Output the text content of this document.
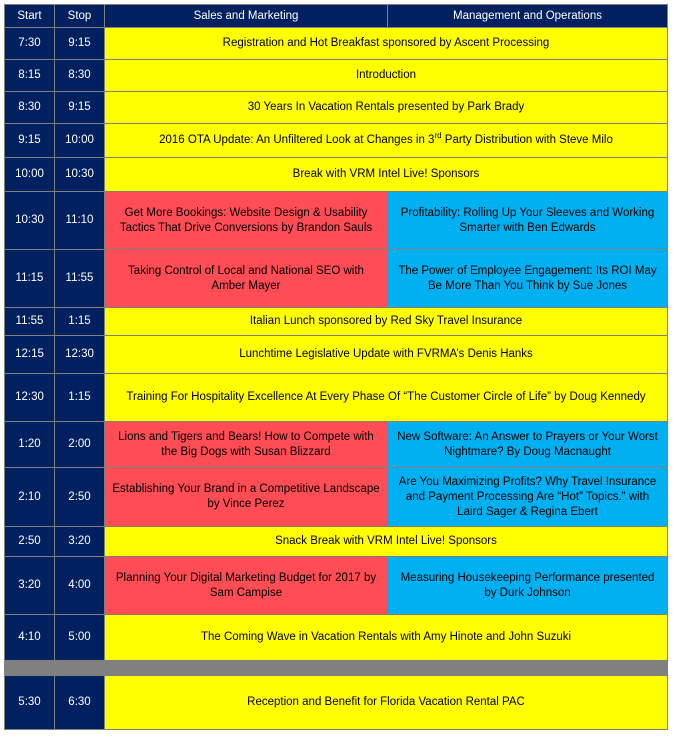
Start	Stop	Sales and Marketing	Management and Operations
7:30	9:15	Registration and Hot Breakfast sponsored by Ascent Processing	
8:15	8:30	Introduction	
8:30	9:15	30 Years In Vacation Rentals presented by Park Brady	
9:15	10:00	2016 OTA Update: An Unfiltered Look at Changes in 3rd Party Distribution with Steve Milo	
10:00	10:30	Break with VRM Intel Live! Sponsors	
10:30	11:10	Get More Bookings: Website Design & Usability Tactics That Drive Conversions by Brandon Sauls	Profitability: Rolling Up Your Sleeves and Working Smarter with Ben Edwards
11:15	11:55	Taking Control of Local and National SEO with Amber Mayer	The Power of Employee Engagement: Its ROI May Be More Than You Think by Sue Jones
11:55	1:15	Italian Lunch sponsored by Red Sky Travel Insurance	
12:15	12:30	Lunchtime Legislative Update with FVRMA’s Denis Hanks	
12:30	1:15	Training For Hospitality Excellence At Every Phase Of “The Customer Circle of Life” by Doug Kennedy	
1:20	2:00	Lions and Tigers and Bears! How to Compete with the Big Dogs with Susan Blizzard	New Software: An Answer to Prayers or Your Worst Nightmare? By Doug Macnaught
2:10	2:50	Establishing Your Brand in a Competitive Landscape by Vince Perez	Are You Maximizing Profits? Why Travel Insurance and Payment Processing Are “Hot” Topics.” with Laird Sager & Regina Ebert
2:50	3:20	Snack Break with VRM Intel Live! Sponsors	
3:20	4:00	Planning Your Digital Marketing Budget for 2017 by Sam Campise	Measuring Housekeeping Performance presented by Durk Johnson
4:10	5:00	The Coming Wave in Vacation Rentals with Amy Hinote and John Suzuki	

5:30	6:30	Reception and Benefit for Florida Vacation Rental PAC	
